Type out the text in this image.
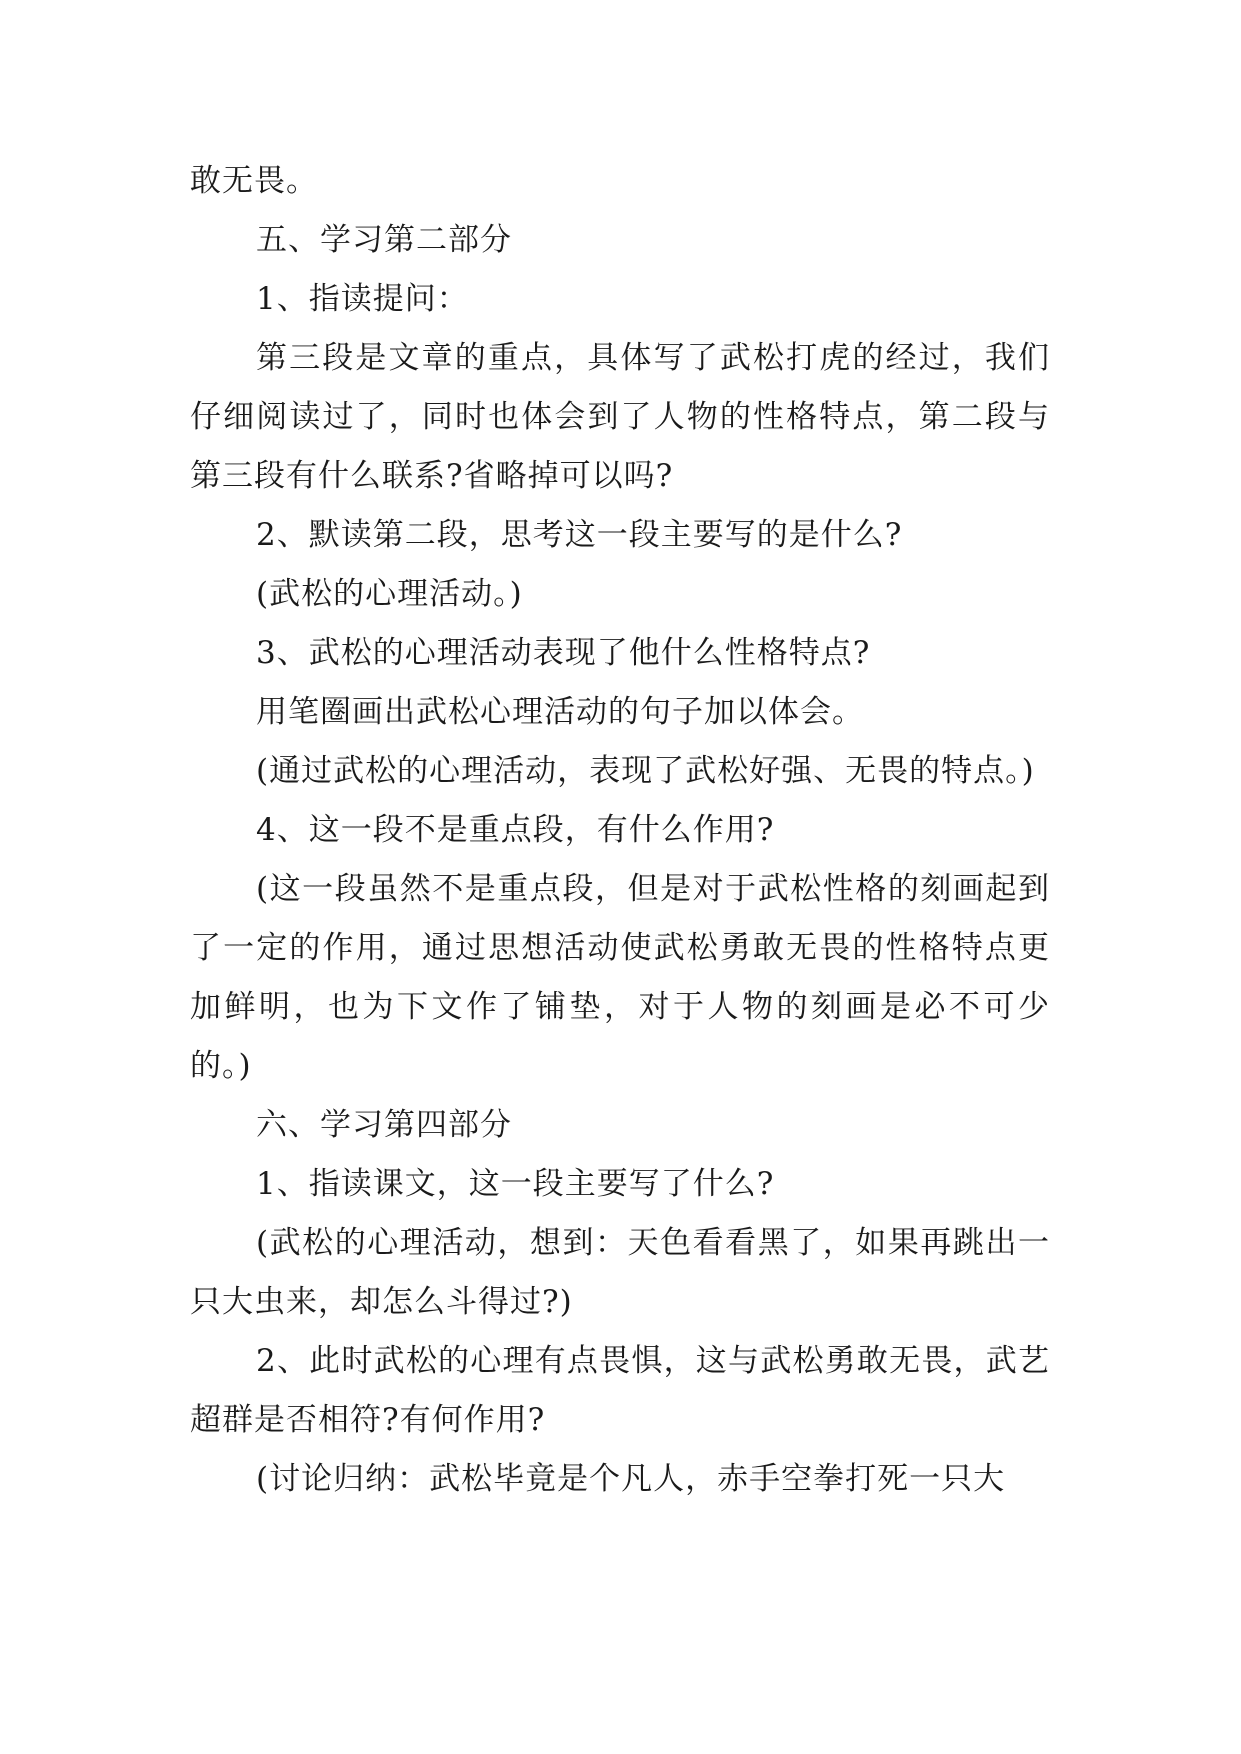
敢无畏。

五、学习第二部分

1、指读提问：

第三段是文章的重点，具体写了武松打虎的经过，我们仔细阅读过了，同时也体会到了人物的性格特点，第二段与第三段有什么联系?省略掉可以吗?

2、默读第二段，思考这一段主要写的是什么?

(武松的心理活动。)

3、武松的心理活动表现了他什么性格特点?

用笔圈画出武松心理活动的句子加以体会。

(通过武松的心理活动，表现了武松好强、无畏的特点。)

4、这一段不是重点段，有什么作用?

(这一段虽然不是重点段，但是对于武松性格的刻画起到了一定的作用，通过思想活动使武松勇敢无畏的性格特点更加鲜明，也为下文作了铺垫，对于人物的刻画是必不可少的。)

六、学习第四部分

1、指读课文，这一段主要写了什么?

(武松的心理活动，想到：天色看看黑了，如果再跳出一只大虫来，却怎么斗得过?)

2、此时武松的心理有点畏惧，这与武松勇敢无畏，武艺超群是否相符?有何作用?

(讨论归纳：武松毕竟是个凡人，赤手空拳打死一只大
